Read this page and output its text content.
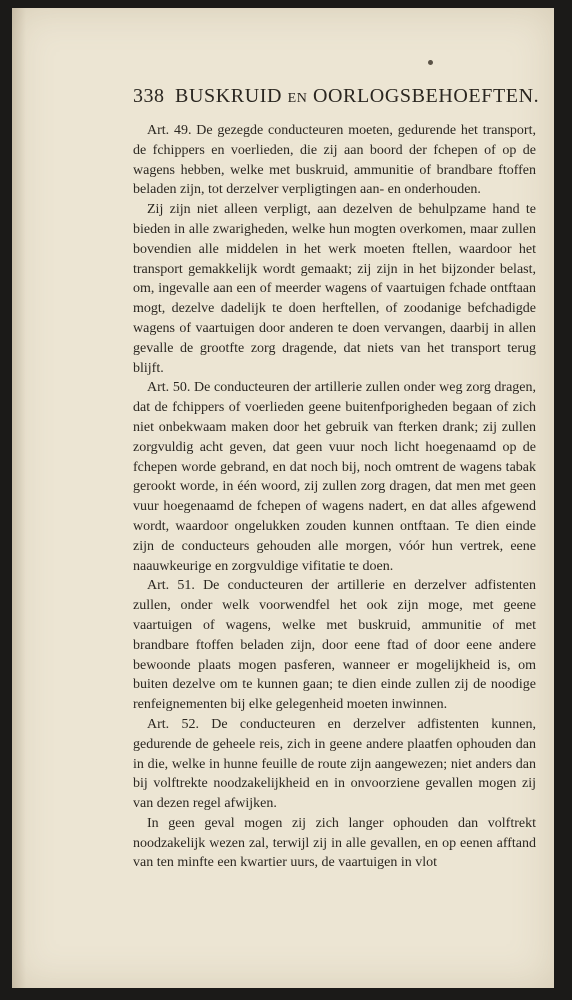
338 BUSKRUID EN OORLOGSBEHOEFTEN.

Art. 49. De gezegde conducteuren moeten, gedurende het transport, de fchippers en voerlieden, die zij aan boord der fchepen of op de wagens hebben, welke met buskruid, ammunitie of brandbare ftoffen beladen zijn, tot derzelver verpligtingen aan- en onderhouden.

Zij zijn niet alleen verpligt, aan dezelven de behulpzame hand te bieden in alle zwarigheden, welke hun mogten overkomen, maar zullen bovendien alle middelen in het werk moeten ftellen, waardoor het transport gemakkelijk wordt gemaakt; zij zijn in het bijzonder belast, om, ingevalle aan een of meerder wagens of vaartuigen fchade ontftaan mogt, dezelve dadelijk te doen herftellen, of zoodanige befchadigde wagens of vaartuigen door anderen te doen vervangen, daarbij in allen gevalle de grootfte zorg dragende, dat niets van het transport terug blijft.

Art. 50. De conducteuren der artillerie zullen onder weg zorg dragen, dat de fchippers of voerlieden geene buitenfporigheden begaan of zich niet onbekwaam maken door het gebruik van fterken drank; zij zullen zorgvuldig acht geven, dat geen vuur noch licht hoegenaamd op de fchepen worde gebrand, en dat noch bij, noch omtrent de wagens tabak gerookt worde, in één woord, zij zullen zorg dragen, dat men met geen vuur hoegenaamd de fchepen of wagens nadert, en dat alles afgewend wordt, waardoor ongelukken zouden kunnen ontftaan. Te dien einde zijn de conducteurs gehouden alle morgen, vóór hun vertrek, eene naauwkeurige en zorgvuldige vifitatie te doen.

Art. 51. De conducteuren der artillerie en derzelver adfistenten zullen, onder welk voorwendfel het ook zijn moge, met geene vaartuigen of wagens, welke met buskruid, ammunitie of met brandbare ftoffen beladen zijn, door eene ftad of door eene andere bewoonde plaats mogen pasferen, wanneer er mogelijkheid is, om buiten dezelve om te kunnen gaan; te dien einde zullen zij de noodige renfeignementen bij elke gelegenheid moeten inwinnen.

Art. 52. De conducteuren en derzelver adfistenten kunnen, gedurende de geheele reis, zich in geene andere plaatfen ophouden dan in die, welke in hunne feuille de route zijn aangewezen; niet anders dan bij volftrekte noodzakelijkheid en in onvoorziene gevallen mogen zij van dezen regel afwijken.

In geen geval mogen zij zich langer ophouden dan volftrekt noodzakelijk wezen zal, terwijl zij in alle gevallen, en op eenen afftand van ten minfte een kwartier uurs, de vaartuigen in vlot
